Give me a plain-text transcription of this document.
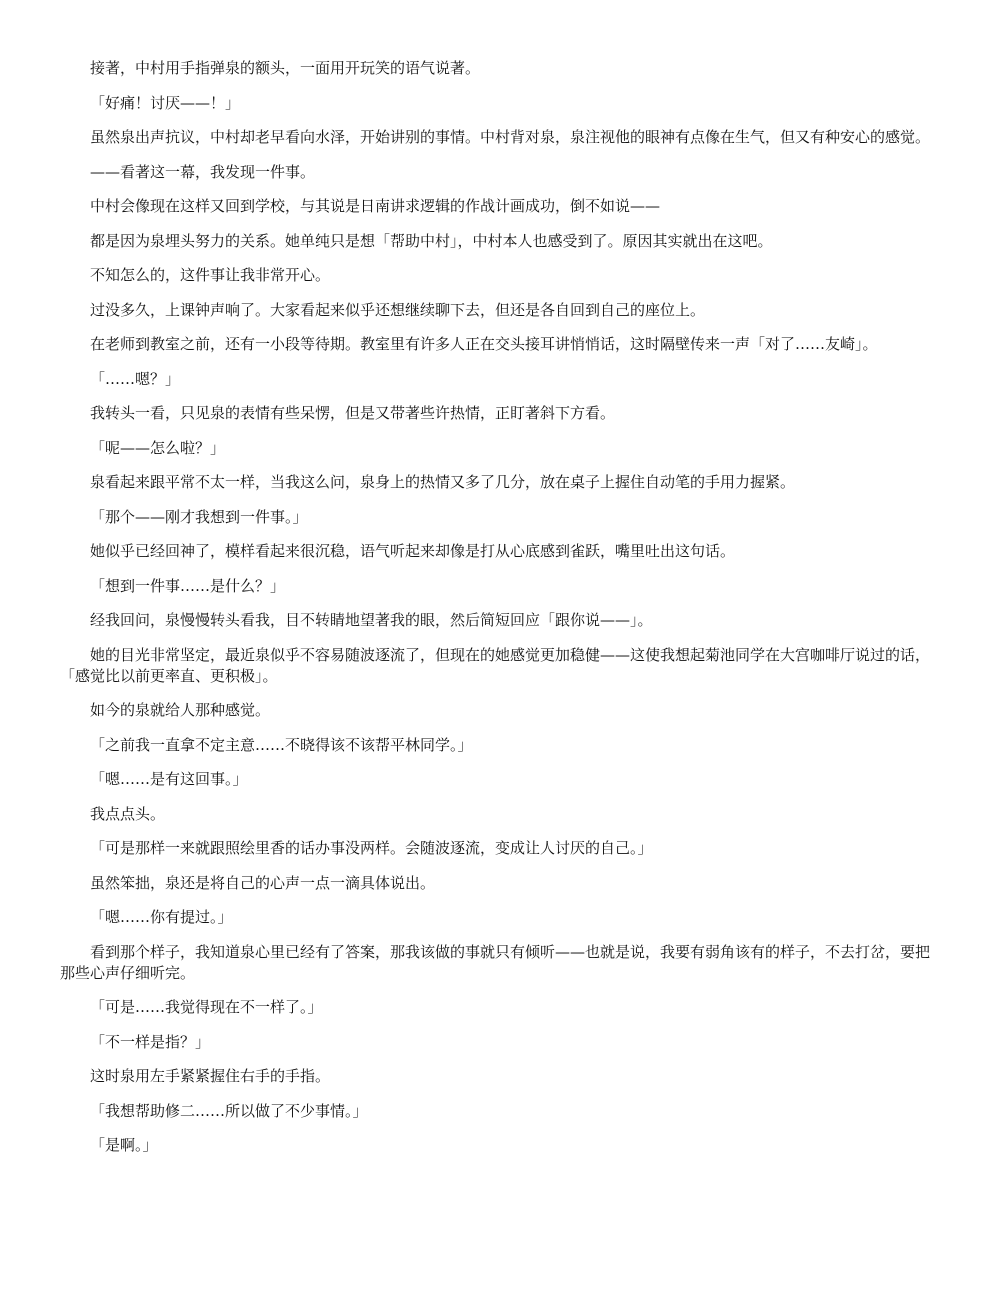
接著，中村用手指弹泉的额头，一面用开玩笑的语气说著。

「好痛！讨厌——！」

虽然泉出声抗议，中村却老早看向水泽，开始讲别的事情。中村背对泉，泉注视他的眼神有点像在生气，但又有种安心的感觉。

——看著这一幕，我发现一件事。

中村会像现在这样又回到学校，与其说是日南讲求逻辑的作战计画成功，倒不如说——

都是因为泉埋头努力的关系。她单纯只是想「帮助中村」，中村本人也感受到了。原因其实就出在这吧。

不知怎么的，这件事让我非常开心。

过没多久，上课钟声响了。大家看起来似乎还想继续聊下去，但还是各自回到自己的座位上。

在老师到教室之前，还有一小段等待期。教室里有许多人正在交头接耳讲悄悄话，这时隔壁传来一声「对了……友崎」。

「……嗯？」

我转头一看，只见泉的表情有些呆愣，但是又带著些许热情，正盯著斜下方看。

「呢——怎么啦？」

泉看起来跟平常不太一样，当我这么问，泉身上的热情又多了几分，放在桌子上握住自动笔的手用力握紧。

「那个——刚才我想到一件事。」

她似乎已经回神了，模样看起来很沉稳，语气听起来却像是打从心底感到雀跃，嘴里吐出这句话。

「想到一件事……是什么？」

经我回问，泉慢慢转头看我，目不转睛地望著我的眼，然后简短回应「跟你说——」。

她的目光非常坚定，最近泉似乎不容易随波逐流了，但现在的她感觉更加稳健——这使我想起菊池同学在大宫咖啡厅说过的话，「感觉比以前更率直、更积极」。

如今的泉就给人那种感觉。

「之前我一直拿不定主意……不晓得该不该帮平林同学。」

「嗯……是有这回事。」

我点点头。

「可是那样一来就跟照绘里香的话办事没两样。会随波逐流，变成让人讨厌的自己。」

虽然笨拙，泉还是将自己的心声一点一滴具体说出。

「嗯……你有提过。」

看到那个样子，我知道泉心里已经有了答案，那我该做的事就只有倾听——也就是说，我要有弱角该有的样子，不去打岔，要把那些心声仔细听完。

「可是……我觉得现在不一样了。」

「不一样是指？」

这时泉用左手紧紧握住右手的手指。

「我想帮助修二……所以做了不少事情。」

「是啊。」
